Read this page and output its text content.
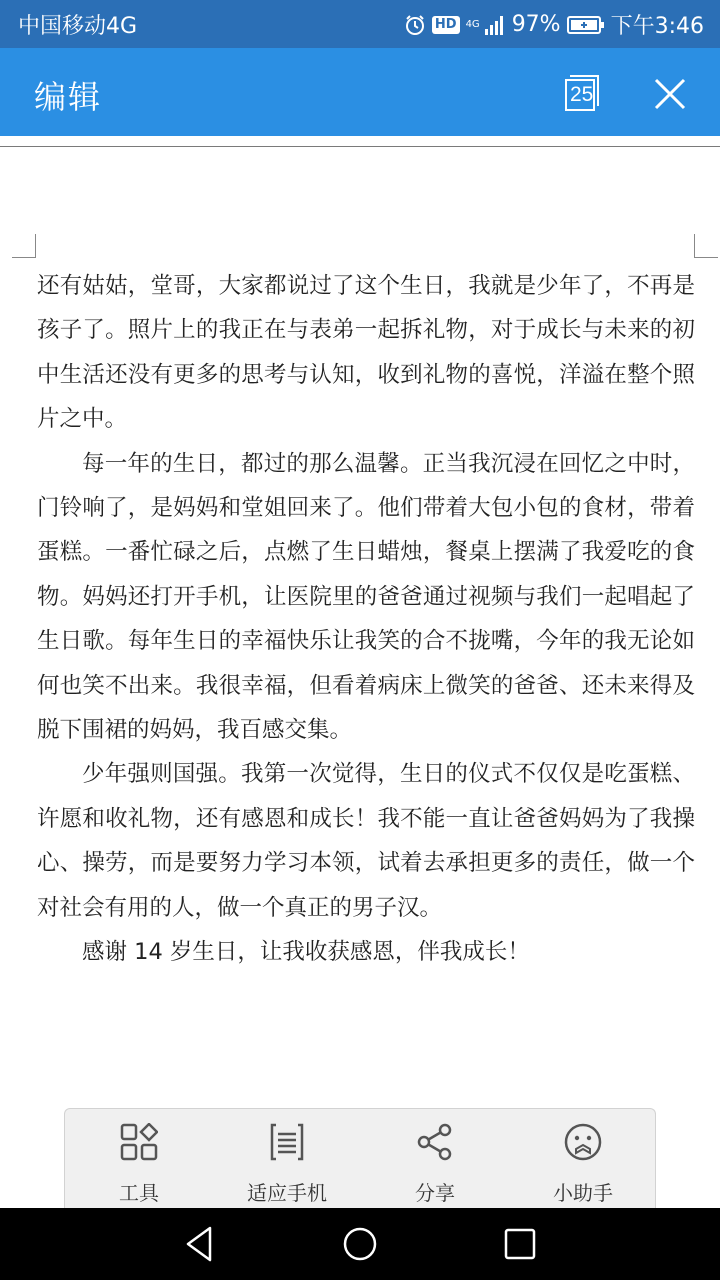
中国移动4G	HD 4G 97% 下午3:46
编辑	25

还有姑姑，堂哥，大家都说过了这个生日，我就是少年了，不再是孩子了。照片上的我正在与表弟一起拆礼物，对于成长与未来的初中生活还没有更多的思考与认知，收到礼物的喜悦，洋溢在整个照片之中。

每一年的生日，都过的那么温馨。正当我沉浸在回忆之中时，门铃响了，是妈妈和堂姐回来了。他们带着大包小包的食材，带着蛋糕。一番忙碌之后，点燃了生日蜡烛，餐桌上摆满了我爱吃的食物。妈妈还打开手机，让医院里的爸爸通过视频与我们一起唱起了生日歌。每年生日的幸福快乐让我笑的合不拢嘴，今年的我无论如何也笑不出来。我很幸福，但看着病床上微笑的爸爸、还未来得及脱下围裙的妈妈，我百感交集。

少年强则国强。我第一次觉得，生日的仪式不仅仅是吃蛋糕、许愿和收礼物，还有感恩和成长！我不能一直让爸爸妈妈为了我操心、操劳，而是要努力学习本领，试着去承担更多的责任，做一个对社会有用的人，做一个真正的男子汉。

感谢 14 岁生日，让我收获感恩，伴我成长！

工具	适应手机	分享	小助手
